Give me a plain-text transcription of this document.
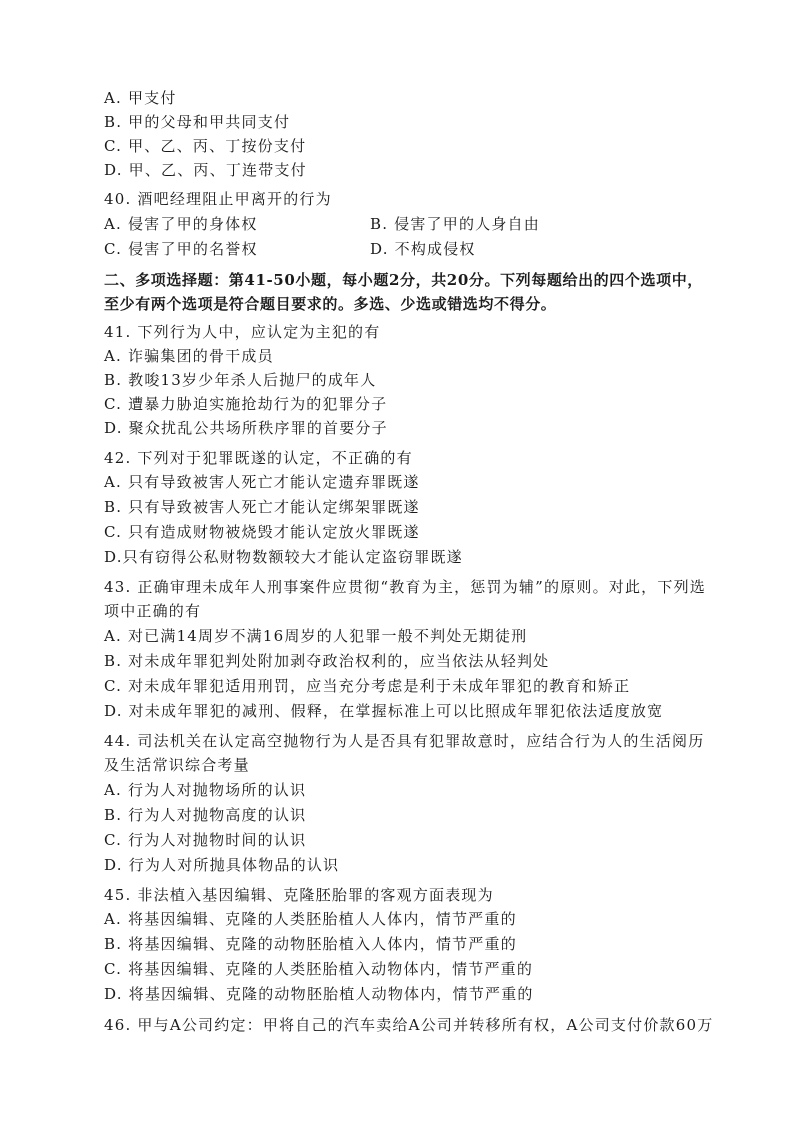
A. 甲支付
B. 甲的父母和甲共同支付
C. 甲、乙、丙、丁按份支付
D. 甲、乙、丙、丁连带支付
40. 酒吧经理阻止甲离开的行为
A. 侵害了甲的身体权	B. 侵害了甲的人身自由
C. 侵害了甲的名誉权	D. 不构成侵权
二、多项选择题：第41-50小题，每小题2分，共20分。下列每题给出的四个选项中，
至少有两个选项是符合题目要求的。多选、少选或错选均不得分。
41. 下列行为人中，应认定为主犯的有
A. 诈骗集团的骨干成员
B. 教唆13岁少年杀人后抛尸的成年人
C. 遭暴力胁迫实施抢劫行为的犯罪分子
D. 聚众扰乱公共场所秩序罪的首要分子
42. 下列对于犯罪既遂的认定，不正确的有
A. 只有导致被害人死亡才能认定遗弃罪既遂
B. 只有导致被害人死亡才能认定绑架罪既遂
C. 只有造成财物被烧毁才能认定放火罪既遂
D.只有窃得公私财物数额较大才能认定盗窃罪既遂
43. 正确审理未成年人刑事案件应贯彻“教育为主，惩罚为辅”的原则。对此，下列选
项中正确的有
A. 对已满14周岁不满16周岁的人犯罪一般不判处无期徒刑
B. 对未成年罪犯判处附加剥夺政治权利的，应当依法从轻判处
C. 对未成年罪犯适用刑罚，应当充分考虑是利于未成年罪犯的教育和矫正
D. 对未成年罪犯的减刑、假释，在掌握标准上可以比照成年罪犯依法适度放宽
44. 司法机关在认定高空抛物行为人是否具有犯罪故意时，应结合行为人的生活阅历
及生活常识综合考量
A. 行为人对抛物场所的认识
B. 行为人对抛物高度的认识
C. 行为人对抛物时间的认识
D. 行为人对所抛具体物品的认识
45. 非法植入基因编辑、克隆胚胎罪的客观方面表现为
A. 将基因编辑、克隆的人类胚胎植人人体内，情节严重的
B. 将基因编辑、克隆的动物胚胎植入人体内，情节严重的
C. 将基因编辑、克隆的人类胚胎植入动物体内，情节严重的
D. 将基因编辑、克隆的动物胚胎植人动物体内，情节严重的
46. 甲与A公司约定：甲将自己的汽车卖给A公司并转移所有权，A公司支付价款60万
